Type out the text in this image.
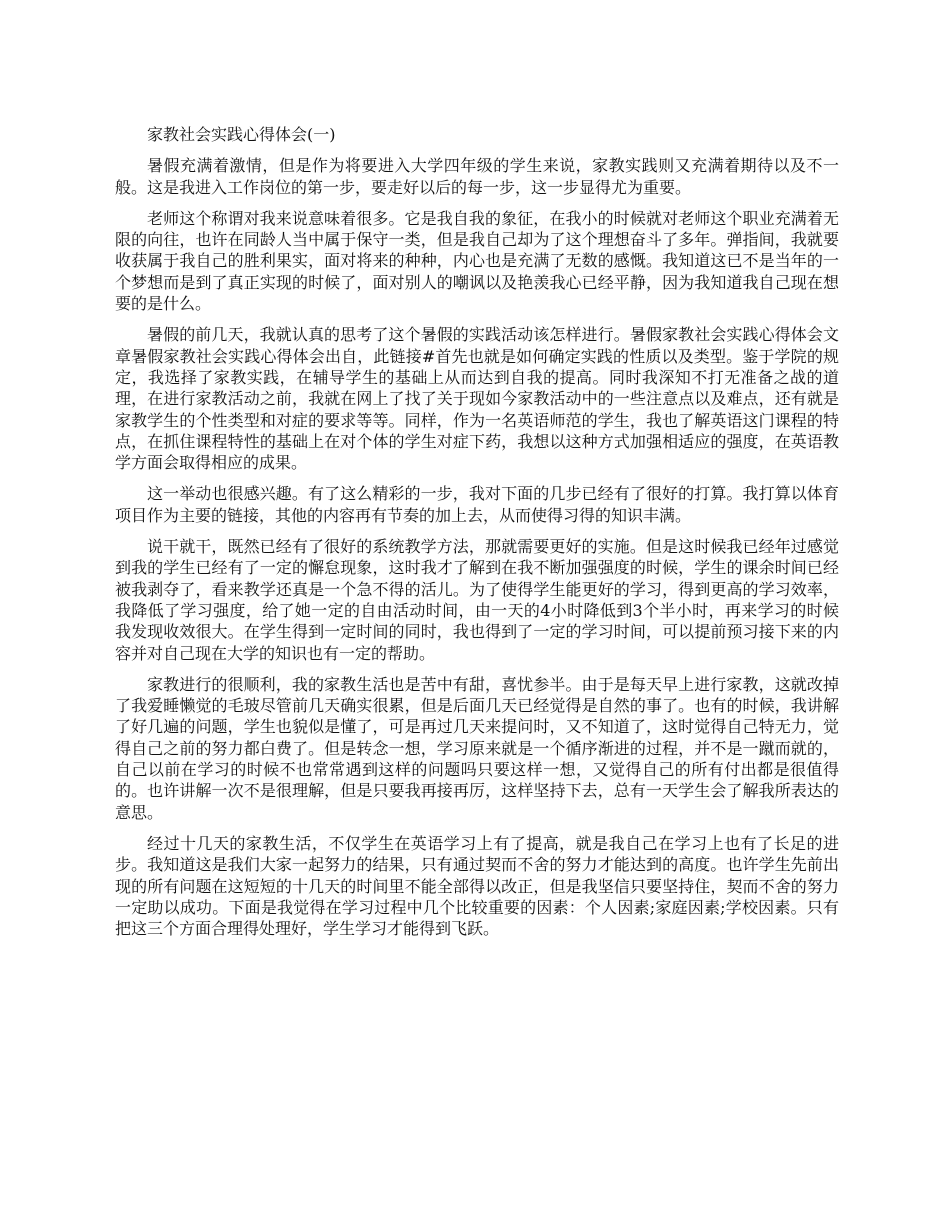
家教社会实践心得体会(一)

暑假充满着激情，但是作为将要进入大学四年级的学生来说，家教实践则又充满着期待以及不一般。这是我进入工作岗位的第一步，要走好以后的每一步，这一步显得尤为重要。

老师这个称谓对我来说意味着很多。它是我自我的象征，在我小的时候就对老师这个职业充满着无限的向往，也许在同龄人当中属于保守一类，但是我自己却为了这个理想奋斗了多年。弹指间，我就要收获属于我自己的胜利果实，面对将来的种种，内心也是充满了无数的感慨。我知道这已不是当年的一个梦想而是到了真正实现的时候了，面对别人的嘲讽以及艳羡我心已经平静，因为我知道我自己现在想要的是什么。

暑假的前几天，我就认真的思考了这个暑假的实践活动该怎样进行。暑假家教社会实践心得体会文章暑假家教社会实践心得体会出自，此链接#首先也就是如何确定实践的性质以及类型。鉴于学院的规定，我选择了家教实践，在辅导学生的基础上从而达到自我的提高。同时我深知不打无准备之战的道理，在进行家教活动之前，我就在网上了找了关于现如今家教活动中的一些注意点以及难点，还有就是家教学生的个性类型和对症的要求等等。同样，作为一名英语师范的学生，我也了解英语这门课程的特点，在抓住课程特性的基础上在对个体的学生对症下药，我想以这种方式加强相适应的强度，在英语教学方面会取得相应的成果。

这一举动也很感兴趣。有了这么精彩的一步，我对下面的几步已经有了很好的打算。我打算以体育项目作为主要的链接，其他的内容再有节奏的加上去，从而使得习得的知识丰满。

说干就干，既然已经有了很好的系统教学方法，那就需要更好的实施。但是这时候我已经年过感觉到我的学生已经有了一定的懈怠现象，这时我才了解到在我不断加强强度的时候，学生的课余时间已经被我剥夺了，看来教学还真是一个急不得的活儿。为了使得学生能更好的学习，得到更高的学习效率，我降低了学习强度，给了她一定的自由活动时间，由一天的4小时降低到3个半小时，再来学习的时候我发现收效很大。在学生得到一定时间的同时，我也得到了一定的学习时间，可以提前预习接下来的内容并对自己现在大学的知识也有一定的帮助。

家教进行的很顺利，我的家教生活也是苦中有甜，喜忧参半。由于是每天早上进行家教，这就改掉了我爱睡懒觉的毛玻尽管前几天确实很累，但是后面几天已经觉得是自然的事了。也有的时候，我讲解了好几遍的问题，学生也貌似是懂了，可是再过几天来提问时，又不知道了，这时觉得自己特无力，觉得自己之前的努力都白费了。但是转念一想，学习原来就是一个循序渐进的过程，并不是一蹴而就的，自己以前在学习的时候不也常常遇到这样的问题吗只要这样一想，又觉得自己的所有付出都是很值得的。也许讲解一次不是很理解，但是只要我再接再厉，这样坚持下去，总有一天学生会了解我所表达的意思。

经过十几天的家教生活，不仅学生在英语学习上有了提高，就是我自己在学习上也有了长足的进步。我知道这是我们大家一起努力的结果，只有通过契而不舍的努力才能达到的高度。也许学生先前出现的所有问题在这短短的十几天的时间里不能全部得以改正，但是我坚信只要坚持住，契而不舍的努力一定助以成功。下面是我觉得在学习过程中几个比较重要的因素：个人因素;家庭因素;学校因素。只有把这三个方面合理得处理好，学生学习才能得到飞跃。
